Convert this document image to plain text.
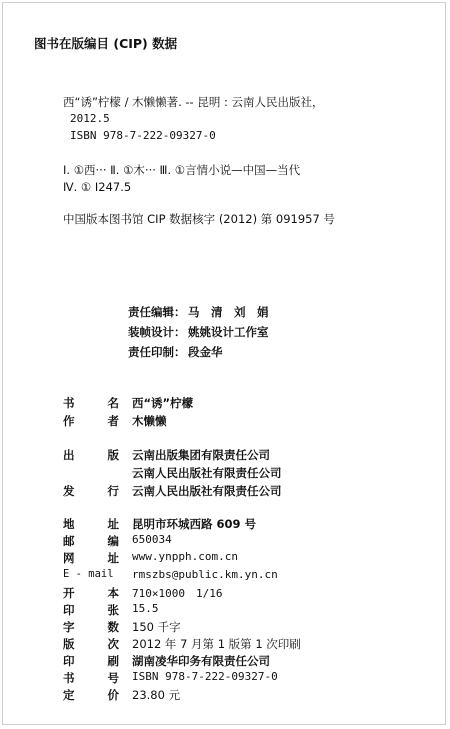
图书在版编目 (CIP) 数据
西“诱”柠檬 / 木懒懒著. -- 昆明 : 云南人民出版社，
2012.5
ISBN 978-7-222-09327-0
Ⅰ. ①西··· Ⅱ. ①木··· Ⅲ. ①言情小说—中国—当代
Ⅳ. ① I247.5
中国版本图书馆 CIP 数据核字 (2012) 第 091957 号
责任编辑： 马　清　刘　娟
装帧设计： 姚姚设计工作室
责任印制： 段金华
书	名 西“诱”柠檬
作	者 木懒懒
出	版 云南出版集团有限责任公司
云南人民出版社有限责任公司
发	行 云南人民出版社有限责任公司
地	址 昆明市环城西路 609 号
邮	编 650034
网	址 www.ynpph.com.cn
E - mail rmszbs@public.km.yn.cn
开	本 710×1000　1/16
印	张 15.5
字	数 150 千字
版	次 2012 年 7 月第 1 版第 1 次印刷
印	刷 湖南凌华印务有限责任公司
书	号 ISBN 978-7-222-09327-0
定	价 23.80 元
